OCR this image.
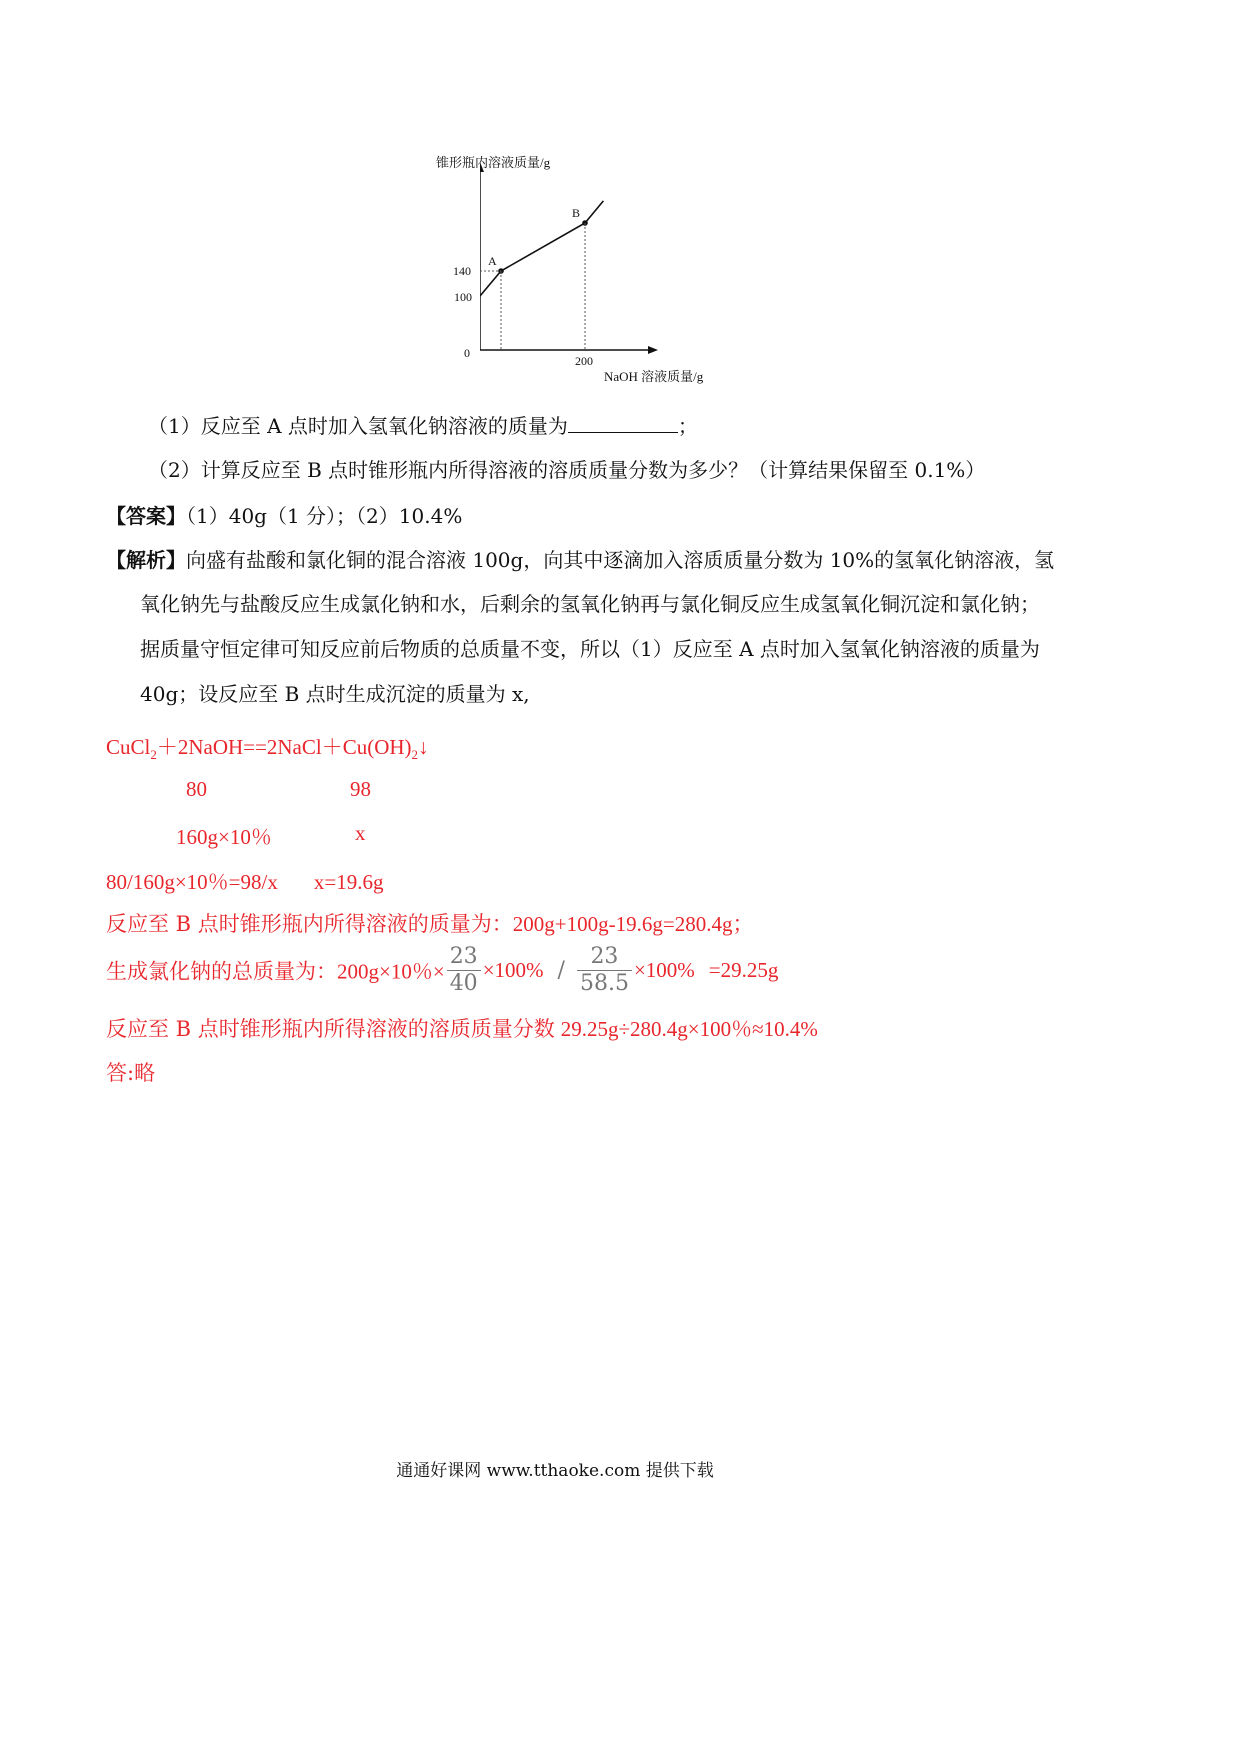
A
B
（1）反应至 A 点时加入氢氧化钠溶液的质量为	；
（2）计算反应至 B 点时锥形瓶内所得溶液的溶质质量分数为多少？（计算结果保留至 0.1%）
【答案】（1）40g（1 分）；（2）10.4%
【解析】向盛有盐酸和氯化铜的混合溶液 100g，向其中逐滴加入溶质质量分数为 10%的氢氧化钠溶液，氢
氧化钠先与盐酸反应生成氯化钠和水，后剩余的氢氧化钠再与氯化铜反应生成氢氧化铜沉淀和氯化钠；
据质量守恒定律可知反应前后物质的总质量不变，所以（1）反应至 A 点时加入氢氧化钠溶液的质量为
40g；设反应至 B 点时生成沉淀的质量为 x,
$CuCl_2+2NaOH==2NaCl+Cu(OH)_2↓$
80	98
160g×10％	x
80/160g×10％=98/x x=19.6g
反应至 B 点时锥形瓶内所得溶液的质量为：200g+100g-19.6g=280.4g；
生成氯化钠的总质量为：200g×10％× $\frac{23}{40} \times 100\% / \frac{23}{58.5} \times 100\% =29.25g$
反应至 B 点时锥形瓶内所得溶液的溶质质量分数 29.25g÷280.4g×100％≈10.4%
答:略
通通好课网 www.tthaoke.com 提供下载
锥形瓶内溶液质量/g
NaOH 溶液质量/g
140
100
0
200
